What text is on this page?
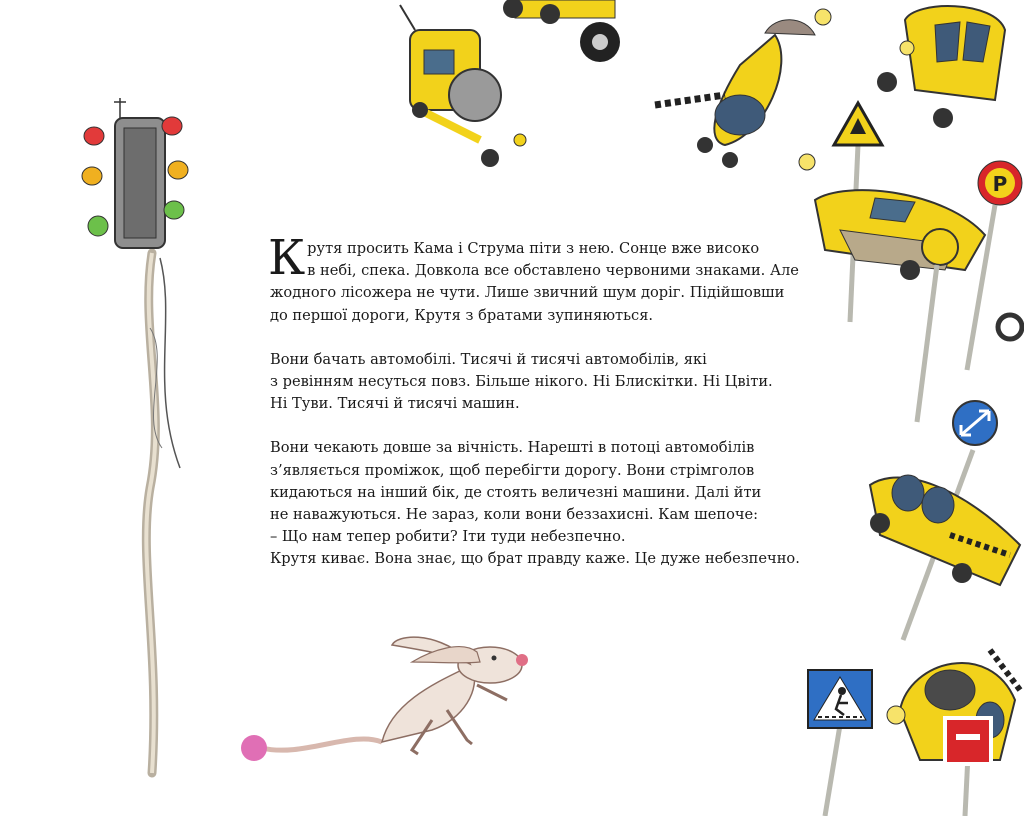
P

К рутя просить Кама і Струма піти з нею. Сонце вже високо
в небі, спека. Довкола все обставлено червоними знаками. Але
жодного лісожера не чути. Лише звичний шум доріг. Підійшовши
до першої дороги, Крутя з братами зупиняються.

Вони бачать автомобілі. Тисячі й тисячі автомобілів, які
з ревінням несуться повз. Більше нікого. Ні Блискітки. Ні Цвіти.
Ні Туви. Тисячі й тисячі машин.

Вони чекають довше за вічність. Нарешті в потоці автомобілів
з’являється проміжок, щоб перебігти дорогу. Вони стрімголов
кидаються на інший бік, де стоять величезні машини. Далі йти
не наважуються. Не зараз, коли вони беззахисні. Кам шепоче:
– Що нам тепер робити? Іти туди небезпечно.
Крутя киває. Вона знає, що брат правду каже. Це дуже небезпечно.
